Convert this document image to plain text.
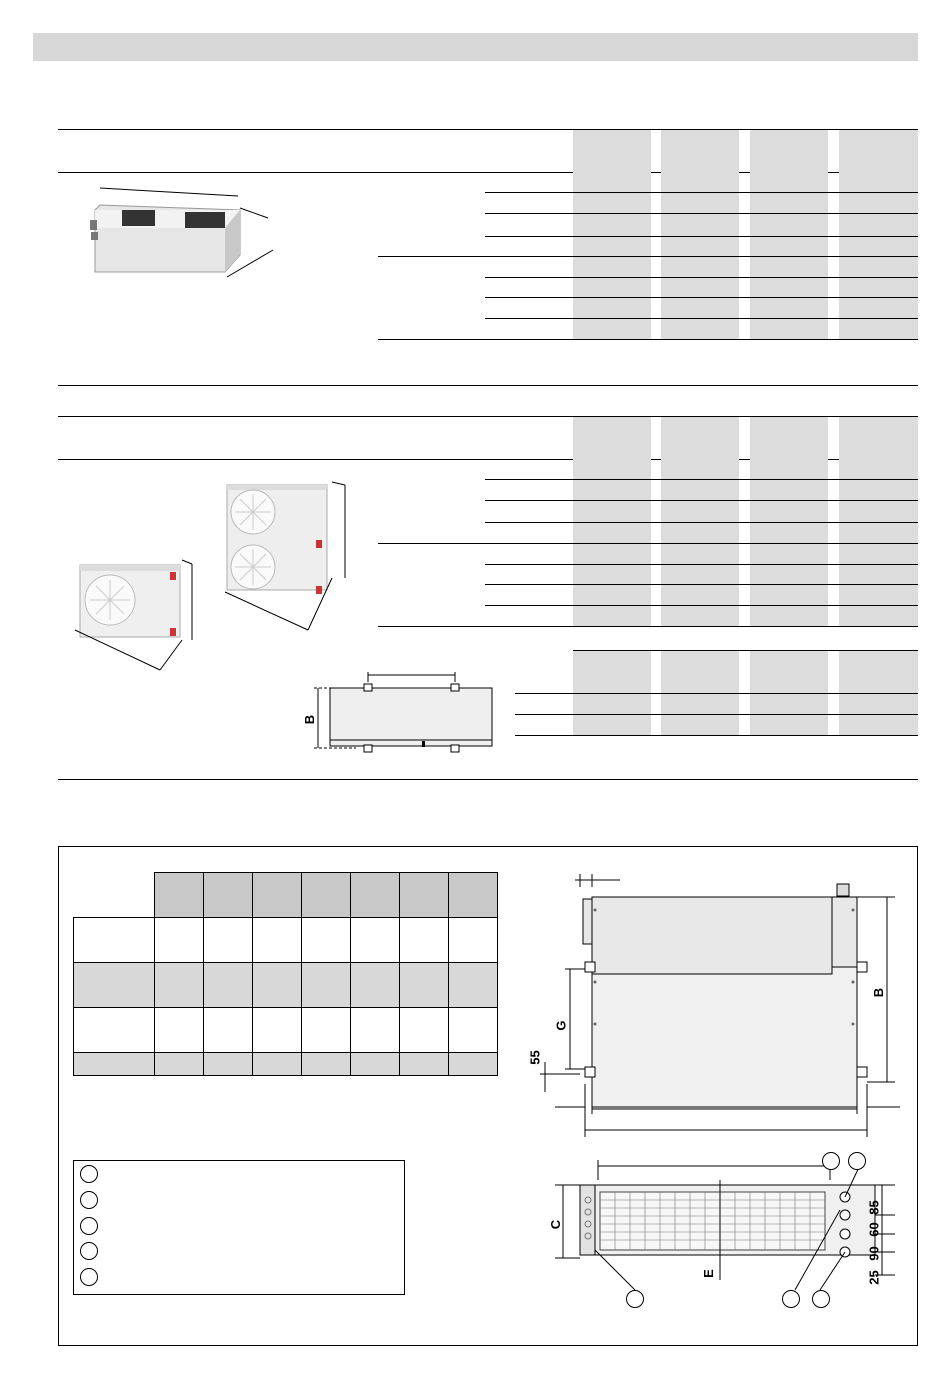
B

B
G
55
C
E
85
60
90
25
